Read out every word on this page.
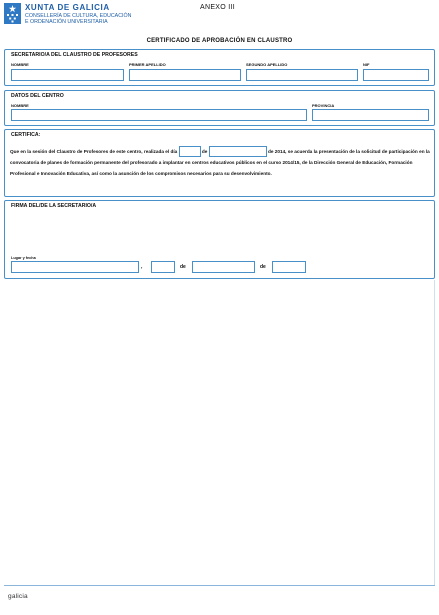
XUNTA DE GALICIA
CONSELLERÍA DE CULTURA, EDUCACIÓN
E ORDENACIÓN UNIVERSITARIA
ANEXO III
CERTIFICADO DE APROBACIÓN EN CLAUSTRO
SECRETARIO/A DEL CLAUSTRO DE PROFESORES
NOMBRE	PRIMER APELLIDO	SEGUNDO APELLIDO	NIF
DATOS DEL CENTRO
NOMBRE	PROVINCIA
CERTIFICA:
Que en la sesión del Claustro de Profesores de este centro, realizada el día	de	de 2014, se acuerda la presentación de la solicitud de participación en la convocatoria de planes de formación permanente del profesorado a implantar en centros educativos públicos en el curso 2014/15, de la Dirección General de Educación, Formación Profesional e Innovación Educativa, así como la asunción de los compromisos necesarios para su desenvolvimiento.
FIRMA DEL/DE LA SECRETARIO/A
Lugar y fecha
,	de	de
galicia
